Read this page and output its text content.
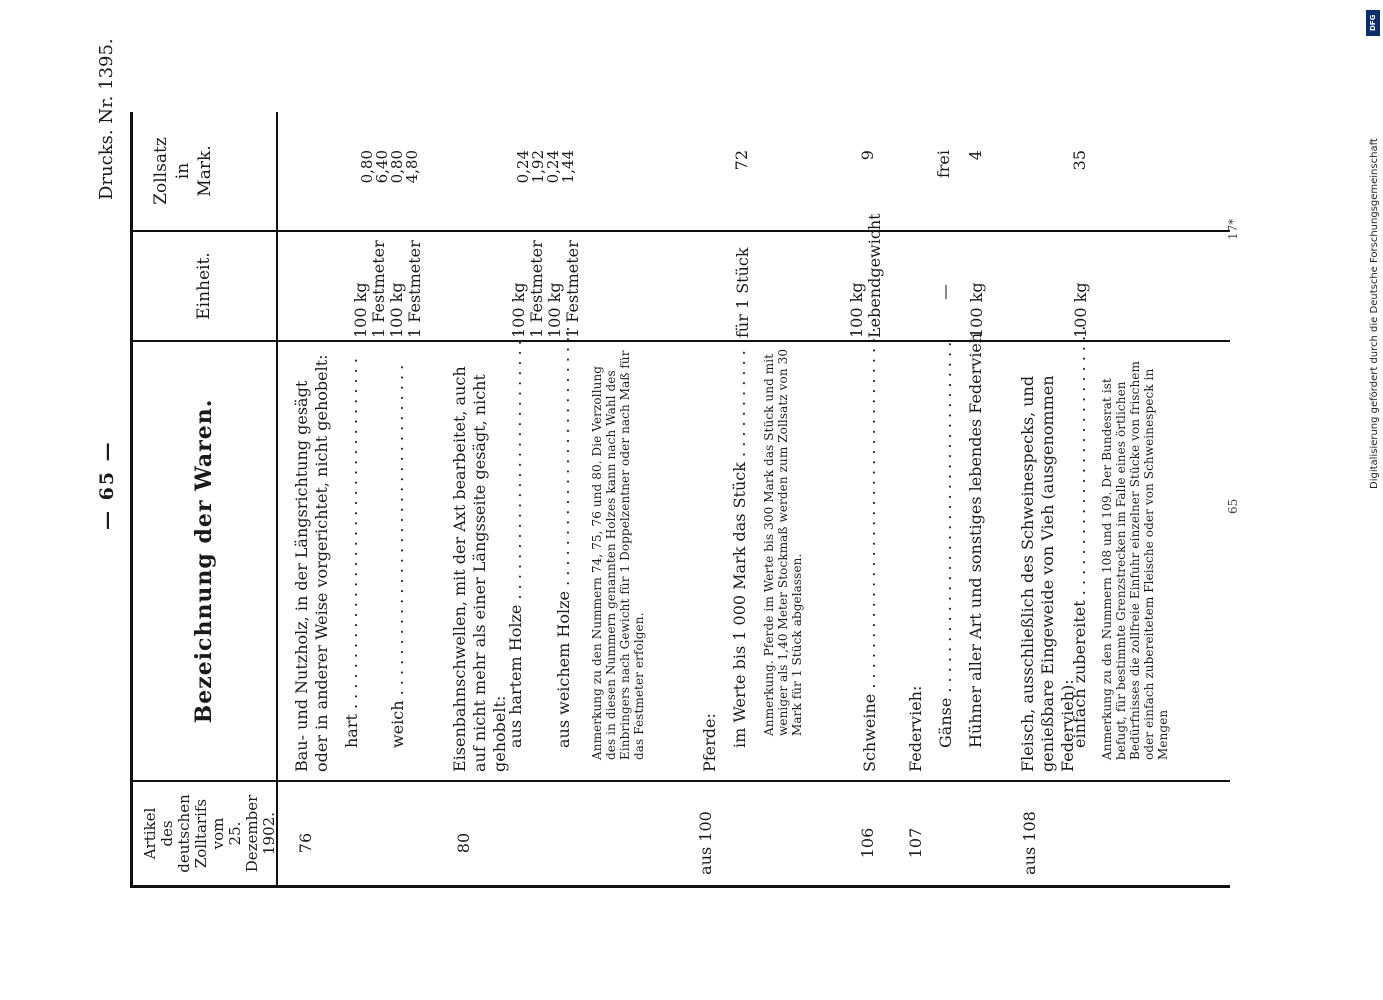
DFG
Digitalisierung gefördert durch die Deutsche Forschungsgemeinschaft
— 65 —
Drucks. Nr. 1395.
Artikel des deutschen Zolltarifs vom 25. Dezember 1902.
Bezeichnung der Waren.
Einheit.
Zollsatz in Mark.
76
Bau- und Nutzholz, in der Längsrichtung gesägt oder in anderer Weise vorgerichtet, nicht gehobelt: hart . . . . . . . . . . . . . . . . . . . . . . . . . . . . . . . . . . . weich . . . . . . . . . . . . . . . . . . . . . . . . . . . . . . . . .
100 kg 1 Festmeter 100 kg 1 Festmeter
0,80
6,40
0,80
4,80
80
Eisenbahnschwellen, mit der Axt bearbeitet, auch auf nicht mehr als einer Längsseite gesägt, nicht gehobelt:
aus hartem Holze . . . . . . . . . . . . . . . . . . . . . . . . . . . aus weichem Holze . . . . . . . . . . . . . . . . . . . . . . . . . . Anmerkung zu den Nummern 74, 75, 76 und 80. Die Verzollung des in diesen Nummern genannten Holzes kann nach Wahl des Einbringers nach Gewicht für 1 Doppelzentner oder nach Maß für das Festmeter erfolgen.
100 kg 1 Festmeter 100 kg 1 Festmeter
0,24
1,92
0,24
1,44
aus 100
Pferde: im Werte bis 1 000 Mark das Stück . . . . . . . . . . . Anmerkung. Pferde im Werte bis 300 Mark das Stück und mit weniger als 1,40 Meter Stockmaß werden zum Zollsatz von 30 Mark für 1 Stück abgelassen.
für 1 Stück
72
106
Schweine . . . . . . . . . . . . . . . . . . . . . . . . . . . . . . . . . . . . .
100 kg Lebendgewicht
9
107
Federvieh: Gänse . . . . . . . . . . . . . . . . . . . . . . . . . . . . . . . . . . . Hühner aller Art und sonstiges lebendes Federvieh
— 100 kg
frei 4
aus 108
Fleisch, ausschließlich des Schweinespecks, und genießbare Eingeweide von Vieh (ausgenommen Federvieh):
einfach zubereitet . . . . . . . . . . . . . . . . . . . . . . . . . . . Anmerkung zu den Nummern 108 und 109. Der Bundesrat ist befugt, für bestimmte Grenzstrecken im Falle eines örtlichen Bedürfnisses die zollfreie Einfuhr einzelner Stücke von frischem oder einfach zubereitetem Fleische oder von Schweinespeck in Mengen
100 kg
35
17*
65
